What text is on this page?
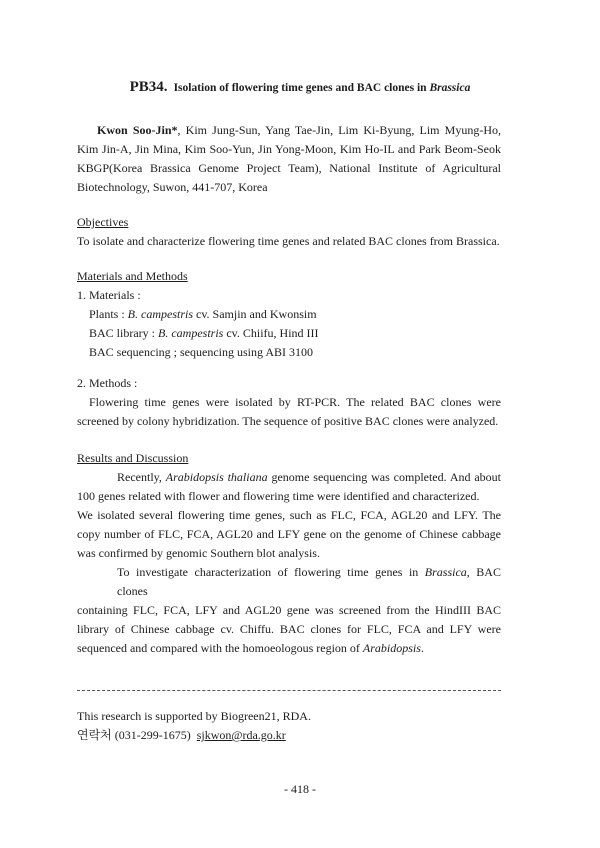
PB34. Isolation of flowering time genes and BAC clones in Brassica
Kwon Soo-Jin*, Kim Jung-Sun, Yang Tae-Jin, Lim Ki-Byung, Lim Myung-Ho,
Kim Jin-A, Jin Mina, Kim Soo-Yun, Jin Yong-Moon, Kim Ho-IL and Park Beom-Seok
KBGP(Korea Brassica Genome Project Team), National Institute of Agricultural
Biotechnology, Suwon, 441-707, Korea
Objectives
To isolate and characterize flowering time genes and related BAC clones from Brassica.
Materials and Methods
1. Materials :
Plants : B. campestris cv. Samjin and Kwonsim
BAC library : B. campestris cv. Chiifu, Hind III
BAC sequencing ; sequencing using ABI 3100
2. Methods :
Flowering time genes were isolated by RT-PCR. The related BAC clones were
screened by colony hybridization. The sequence of positive BAC clones were analyzed.
Results and Discussion
Recently, Arabidopsis thaliana genome sequencing was completed. And about
100 genes related with flower and flowering time were identified and characterized.
We isolated several flowering time genes, such as FLC, FCA, AGL20 and LFY. The
copy number of FLC, FCA, AGL20 and LFY gene on the genome of Chinese cabbage
was confirmed by genomic Southern blot analysis.
To investigate characterization of flowering time genes in Brassica, BAC clones
containing FLC, FCA, LFY and AGL20 gene was screened from the HindIII BAC
library of Chinese cabbage cv. Chiffu. BAC clones for FLC, FCA and LFY were
sequenced and compared with the homoeologous region of Arabidopsis.
This research is supported by Biogreen21, RDA.
연락처 (031-299-1675) sjkwon@rda.go.kr
- 418 -
